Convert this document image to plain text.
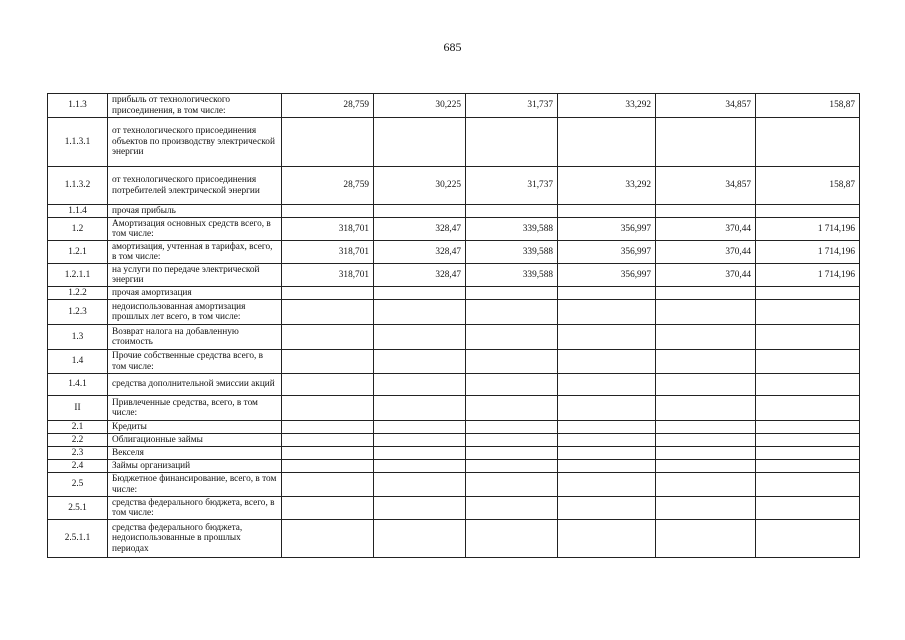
685
1.1.3	прибыль от технологического присоединения, в том числе:	28,759	30,225	31,737	33,292	34,857	158,87
1.1.3.1	от технологического присоединения объектов по производству электрической энергии						
1.1.3.2	от технологического присоединения потребителей электрической энергии	28,759	30,225	31,737	33,292	34,857	158,87
1.1.4	прочая прибыль						
1.2	Амортизация основных средств всего, в том числе:	318,701	328,47	339,588	356,997	370,44	1 714,196
1.2.1	амортизация, учтенная в тарифах, всего, в том числе:	318,701	328,47	339,588	356,997	370,44	1 714,196
1.2.1.1	на услуги по передаче электрической энергии	318,701	328,47	339,588	356,997	370,44	1 714,196
1.2.2	прочая амортизация						
1.2.3	недоиспользованная амортизация прошлых лет всего, в том числе:						
1.3	Возврат налога на добавленную стоимость						
1.4	Прочие собственные средства всего, в том числе:						
1.4.1	средства дополнительной эмиссии акций						
II	Привлеченные средства, всего, в том числе:						
2.1	Кредиты						
2.2	Облигационные займы						
2.3	Векселя						
2.4	Займы организаций						
2.5	Бюджетное финансирование, всего, в том числе:						
2.5.1	средства федерального бюджета, всего, в том числе:						
2.5.1.1	средства федерального бюджета, недоиспользованные в прошлых периодах						
